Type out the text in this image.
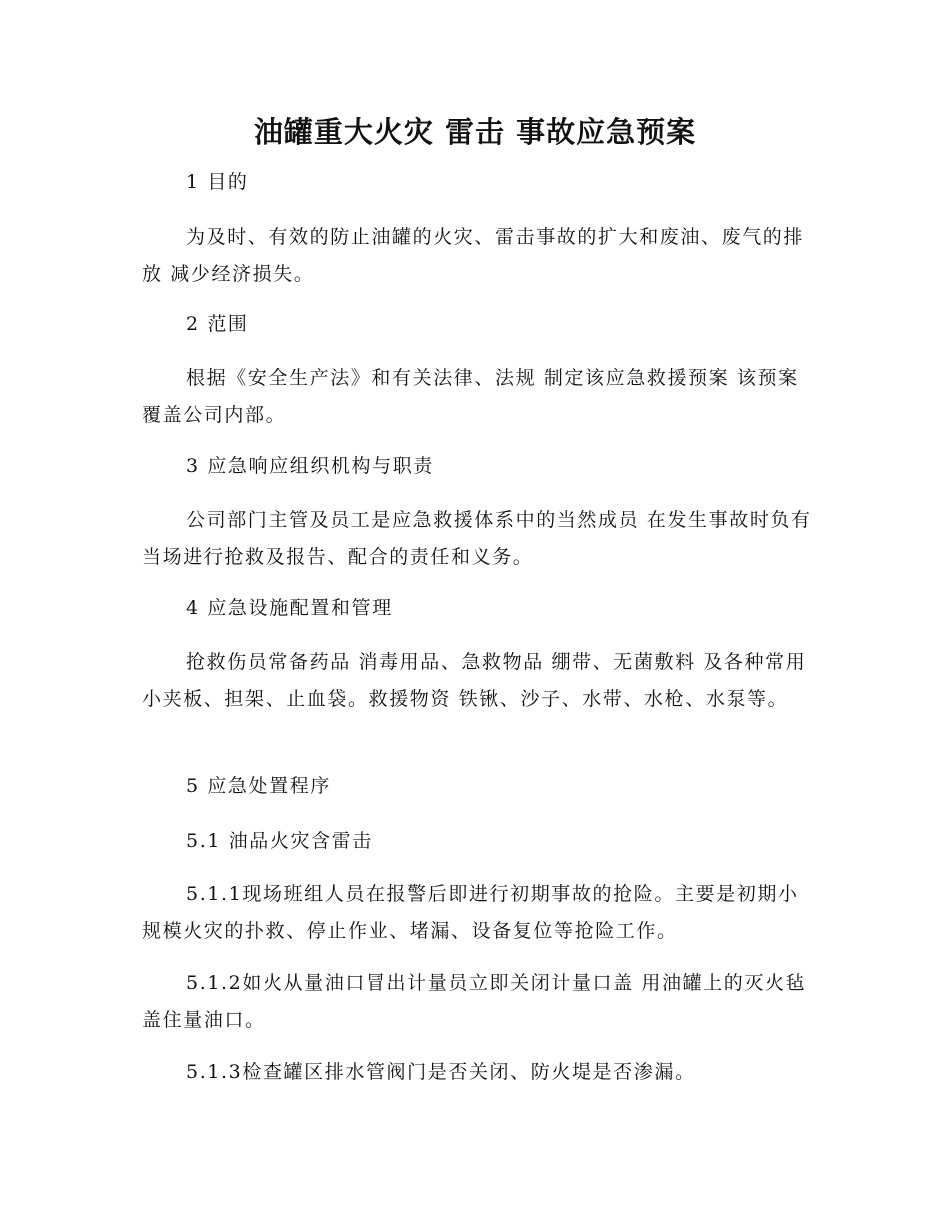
油罐重大火灾 雷击 事故应急预案
1 目的
为及时、有效的防止油罐的火灾、雷击事故的扩大和废油、废气的排放 减少经济损失。
2 范围
根据《安全生产法》和有关法律、法规 制定该应急救援预案 该预案覆盖公司内部。
3 应急响应组织机构与职责
公司部门主管及员工是应急救援体系中的当然成员 在发生事故时负有当场进行抢救及报告、配合的责任和义务。
4 应急设施配置和管理
抢救伤员常备药品 消毒用品、急救物品 绷带、无菌敷料 及各种常用小夹板、担架、止血袋。救援物资 铁锹、沙子、水带、水枪、水泵等。
5 应急处置程序
5.1 油品火灾含雷击
5.1.1现场班组人员在报警后即进行初期事故的抢险。主要是初期小规模火灾的扑救、停止作业、堵漏、设备复位等抢险工作。
5.1.2如火从量油口冒出计量员立即关闭计量口盖 用油罐上的灭火毡盖住量油口。
5.1.3检查罐区排水管阀门是否关闭、防火堤是否渗漏。
